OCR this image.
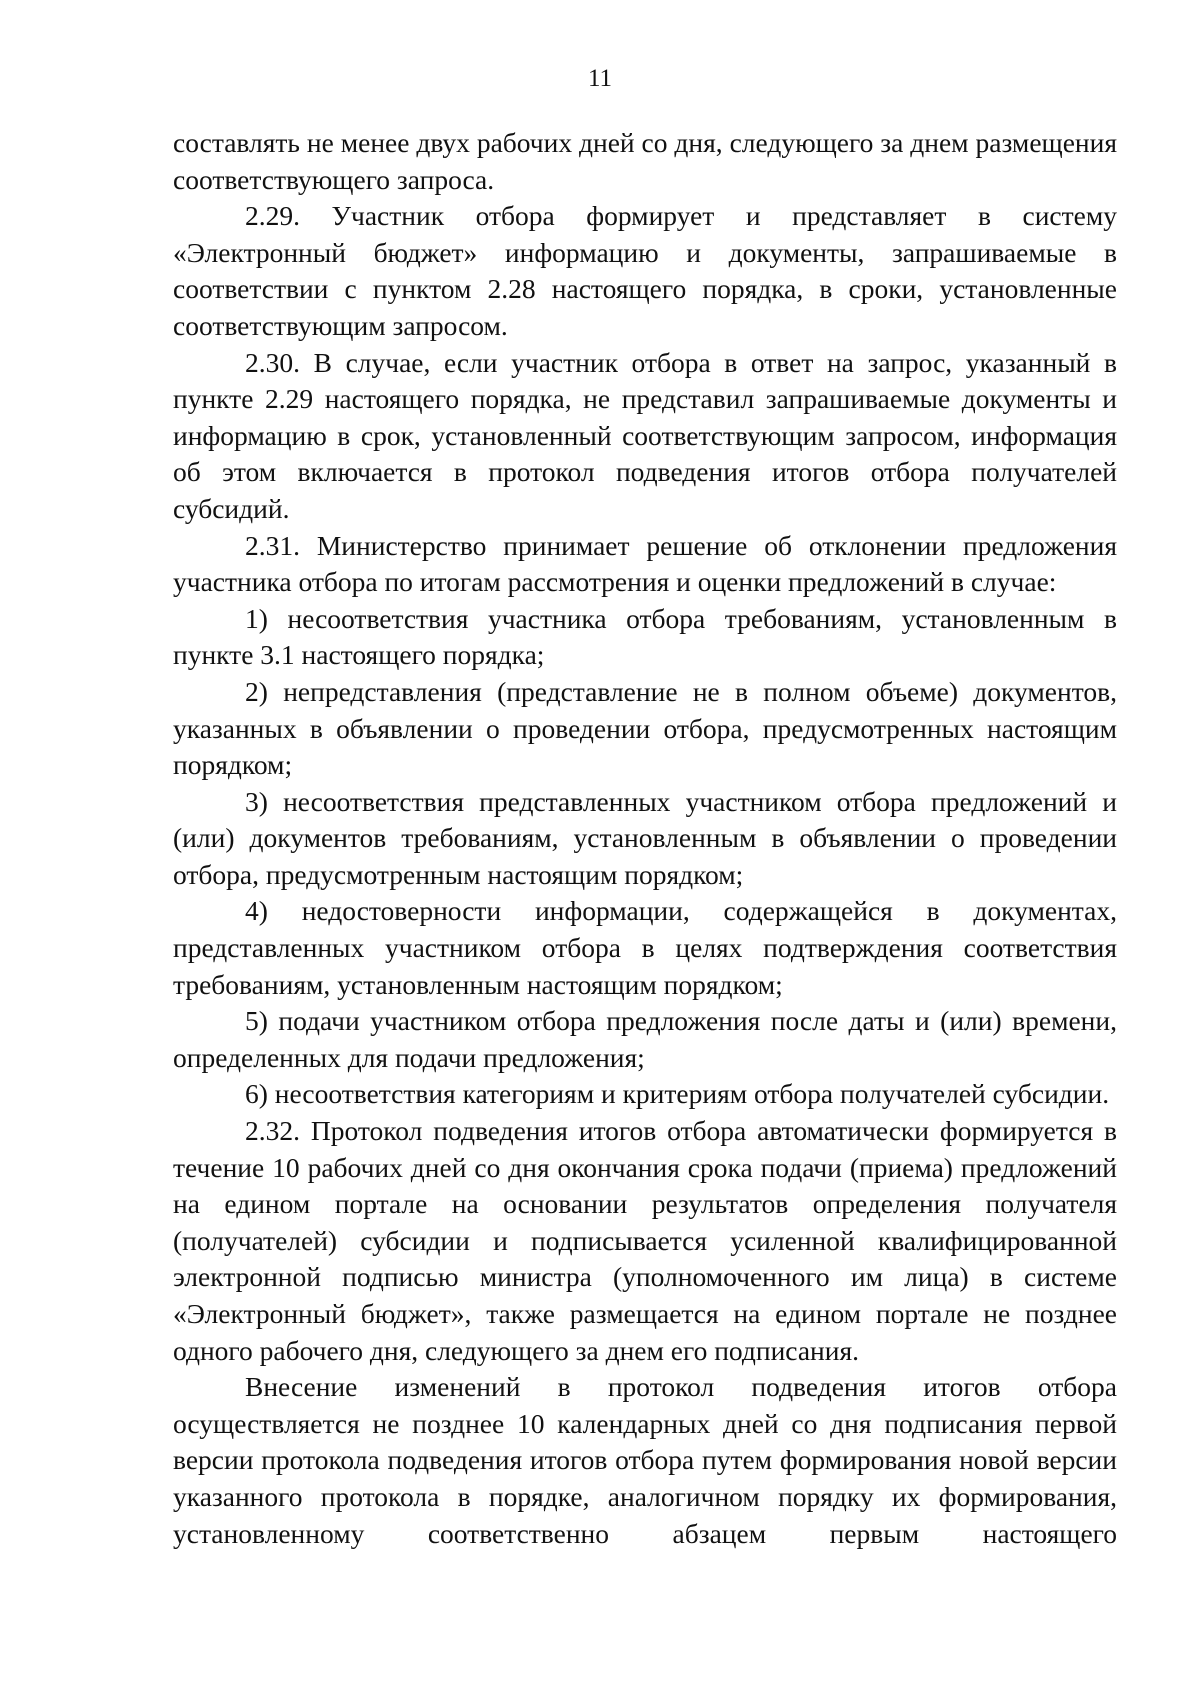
11

составлять не менее двух рабочих дней со дня, следующего за днем размещения соответствующего запроса.

2.29. Участник отбора формирует и представляет в систему «Электронный бюджет» информацию и документы, запрашиваемые в соответствии с пунктом 2.28 настоящего порядка, в сроки, установленные соответствующим запросом.

2.30. В случае, если участник отбора в ответ на запрос, указанный в пункте 2.29 настоящего порядка, не представил запрашиваемые документы и информацию в срок, установленный соответствующим запросом, информация об этом включается в протокол подведения итогов отбора получателей субсидий.

2.31. Министерство принимает решение об отклонении предложения участника отбора по итогам рассмотрения и оценки предложений в случае:

1) несоответствия участника отбора требованиям, установленным в пункте 3.1 настоящего порядка;

2) непредставления (представление не в полном объеме) документов, указанных в объявлении о проведении отбора, предусмотренных настоящим порядком;

3) несоответствия представленных участником отбора предложений и (или) документов требованиям, установленным в объявлении о проведении отбора, предусмотренным настоящим порядком;

4) недостоверности информации, содержащейся в документах, представленных участником отбора в целях подтверждения соответствия требованиям, установленным настоящим порядком;

5) подачи участником отбора предложения после даты и (или) времени, определенных для подачи предложения;

6) несоответствия категориям и критериям отбора получателей субсидии.

2.32. Протокол подведения итогов отбора автоматически формируется в течение 10 рабочих дней со дня окончания срока подачи (приема) предложений на едином портале на основании результатов определения получателя (получателей) субсидии и подписывается усиленной квалифицированной электронной подписью министра (уполномоченного им лица) в системе «Электронный бюджет», также размещается на едином портале не позднее одного рабочего дня, следующего за днем его подписания.

Внесение изменений в протокол подведения итогов отбора осуществляется не позднее 10 календарных дней со дня подписания первой версии протокола подведения итогов отбора путем формирования новой версии указанного протокола в порядке, аналогичном порядку их формирования, установленному соответственно абзацем первым настоящего
